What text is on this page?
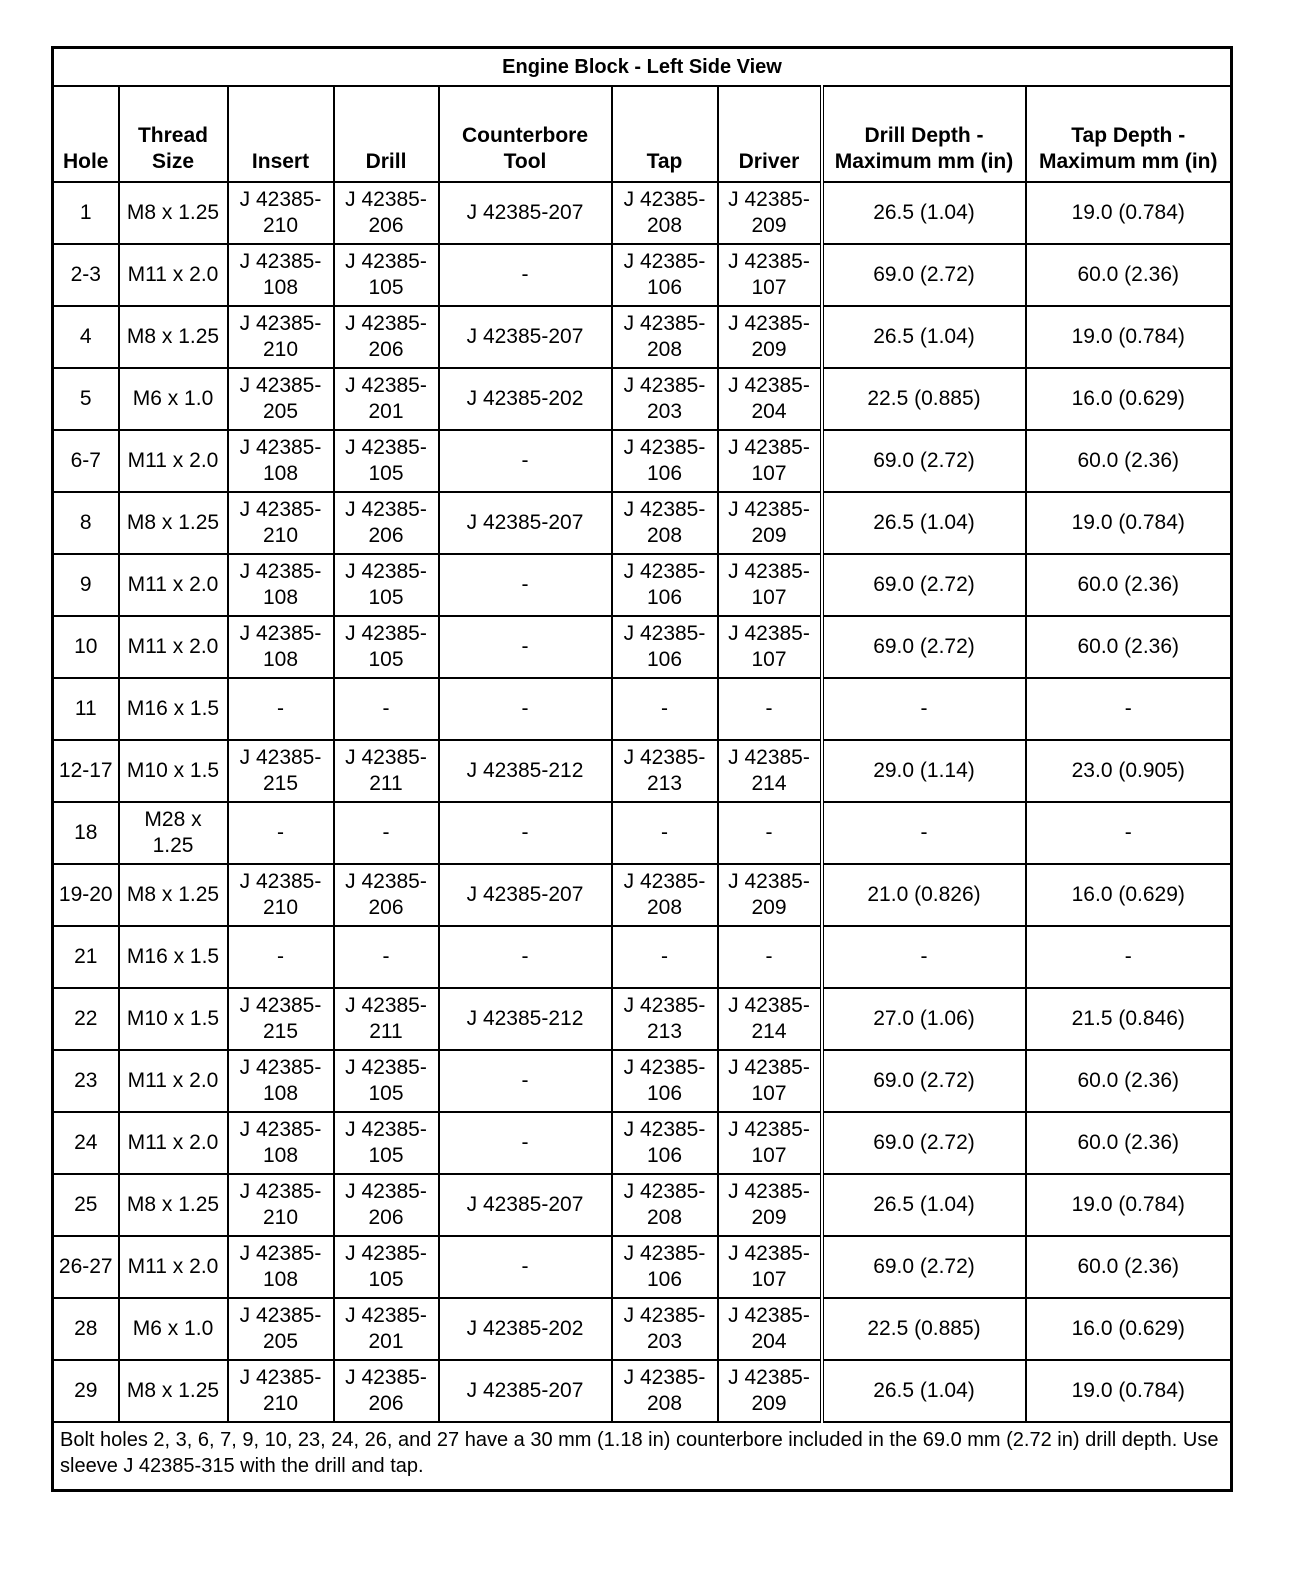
Engine Block - Left Side View								
Hole	Thread Size	Insert	Drill	Counterbore Tool	Tap	Driver	Drill Depth - Maximum mm (in)	Tap Depth - Maximum mm (in)
1	M8 x 1.25	J 42385-210	J 42385-206	J 42385-207	J 42385-208	J 42385-209	26.5 (1.04)	19.0 (0.784)
2-3	M11 x 2.0	J 42385-108	J 42385-105	-	J 42385-106	J 42385-107	69.0 (2.72)	60.0 (2.36)
4	M8 x 1.25	J 42385-210	J 42385-206	J 42385-207	J 42385-208	J 42385-209	26.5 (1.04)	19.0 (0.784)
5	M6 x 1.0	J 42385-205	J 42385-201	J 42385-202	J 42385-203	J 42385-204	22.5 (0.885)	16.0 (0.629)
6-7	M11 x 2.0	J 42385-108	J 42385-105	-	J 42385-106	J 42385-107	69.0 (2.72)	60.0 (2.36)
8	M8 x 1.25	J 42385-210	J 42385-206	J 42385-207	J 42385-208	J 42385-209	26.5 (1.04)	19.0 (0.784)
9	M11 x 2.0	J 42385-108	J 42385-105	-	J 42385-106	J 42385-107	69.0 (2.72)	60.0 (2.36)
10	M11 x 2.0	J 42385-108	J 42385-105	-	J 42385-106	J 42385-107	69.0 (2.72)	60.0 (2.36)
11	M16 x 1.5	-	-	-	-	-	-	-
12-17	M10 x 1.5	J 42385-215	J 42385-211	J 42385-212	J 42385-213	J 42385-214	29.0 (1.14)	23.0 (0.905)
18	M28 x 1.25	-	-	-	-	-	-	-
19-20	M8 x 1.25	J 42385-210	J 42385-206	J 42385-207	J 42385-208	J 42385-209	21.0 (0.826)	16.0 (0.629)
21	M16 x 1.5	-	-	-	-	-	-	-
22	M10 x 1.5	J 42385-215	J 42385-211	J 42385-212	J 42385-213	J 42385-214	27.0 (1.06)	21.5 (0.846)
23	M11 x 2.0	J 42385-108	J 42385-105	-	J 42385-106	J 42385-107	69.0 (2.72)	60.0 (2.36)
24	M11 x 2.0	J 42385-108	J 42385-105	-	J 42385-106	J 42385-107	69.0 (2.72)	60.0 (2.36)
25	M8 x 1.25	J 42385-210	J 42385-206	J 42385-207	J 42385-208	J 42385-209	26.5 (1.04)	19.0 (0.784)
26-27	M11 x 2.0	J 42385-108	J 42385-105	-	J 42385-106	J 42385-107	69.0 (2.72)	60.0 (2.36)
28	M6 x 1.0	J 42385-205	J 42385-201	J 42385-202	J 42385-203	J 42385-204	22.5 (0.885)	16.0 (0.629)
29	M8 x 1.25	J 42385-210	J 42385-206	J 42385-207	J 42385-208	J 42385-209	26.5 (1.04)	19.0 (0.784)
Bolt holes 2, 3, 6, 7, 9, 10, 23, 24, 26, and 27 have a 30 mm (1.18 in) counterbore included in the 69.0 mm (2.72 in) drill depth. Use sleeve J 42385-315 with the drill and tap.								
